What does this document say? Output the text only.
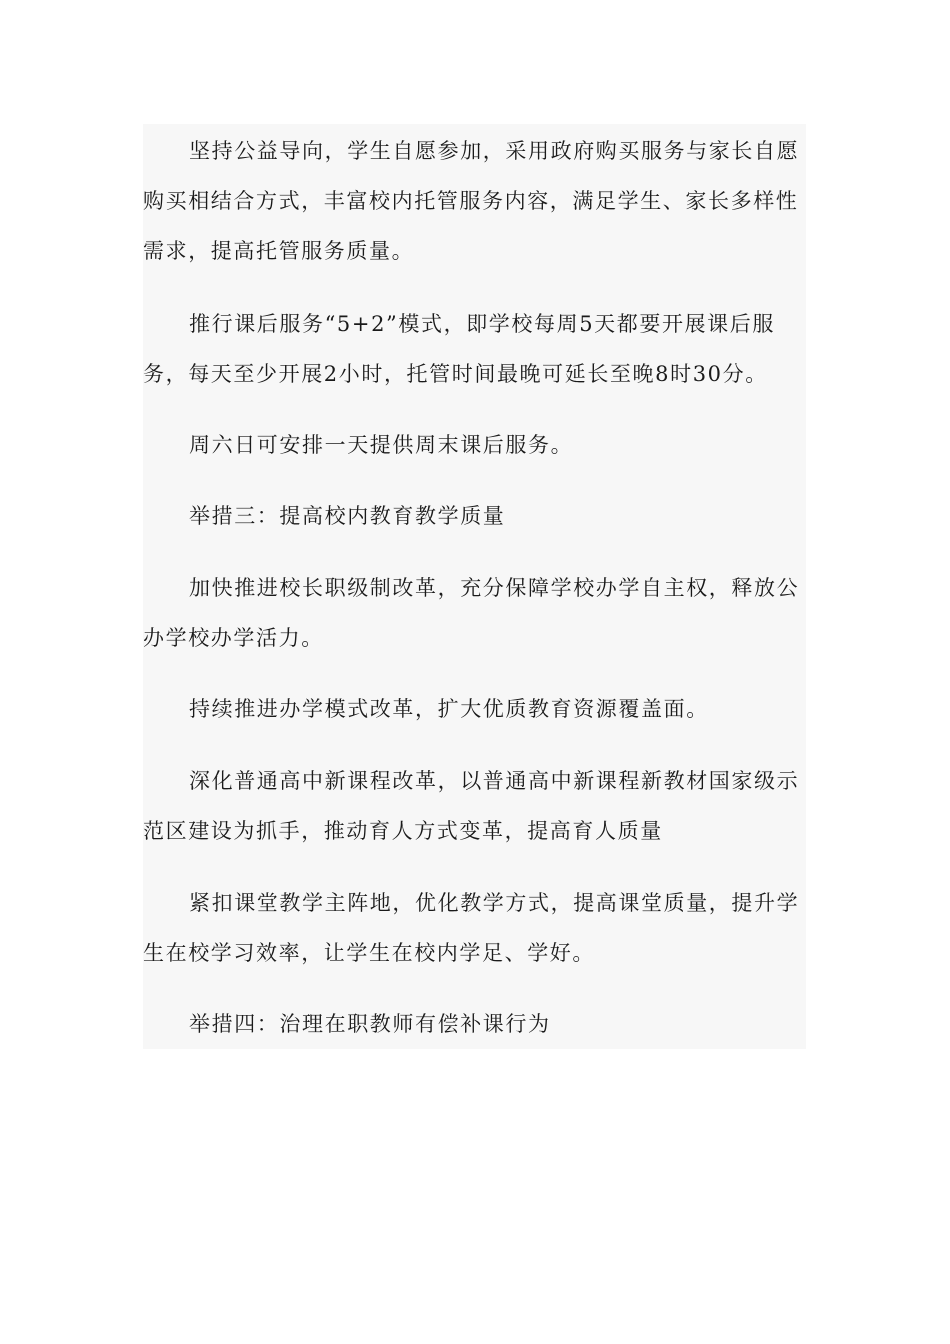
坚持公益导向，学生自愿参加，采用政府购买服务与家长自愿购买相结合方式，丰富校内托管服务内容，满足学生、家长多样性需求，提高托管服务质量。

推行课后服务“5+2”模式，即学校每周5天都要开展课后服务，每天至少开展2小时，托管时间最晚可延长至晚8时30分。

周六日可安排一天提供周末课后服务。

举措三：提高校内教育教学质量

加快推进校长职级制改革，充分保障学校办学自主权，释放公办学校办学活力。

持续推进办学模式改革，扩大优质教育资源覆盖面。

深化普通高中新课程改革，以普通高中新课程新教材国家级示范区建设为抓手，推动育人方式变革，提高育人质量

紧扣课堂教学主阵地，优化教学方式，提高课堂质量，提升学生在校学习效率，让学生在校内学足、学好。

举措四：治理在职教师有偿补课行为
